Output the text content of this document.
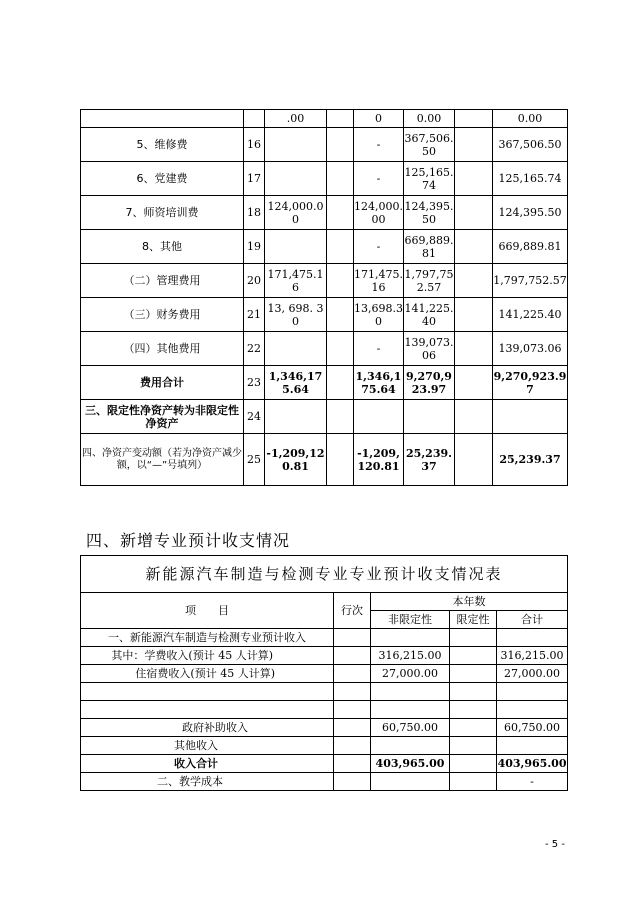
		.00		0	0.00		0.00
5、维修费	16			-	367,506.50		367,506.50
6、党建费	17			-	125,165.74		125,165.74
7、师资培训费	18	124,000.00		124,000.00	124,395.50		124,395.50
8、其他	19			-	669,889.81		669,889.81
（二）管理费用	20	171,475.16		171,475.16	1,797,752.57		1,797,752.57
（三）财务费用	21	13, 698. 30		13,698.30	141,225.40		141,225.40
（四）其他费用	22			-	139,073.06		139,073.06
费用合计	23	1,346,175.64		1,346,175.64	9,270,923.97		9,270,923.97
三、限定性净资产转为非限定性净资产	24						
四、净资产变动额（若为净资产减少额，以“—”号填列）	25	-1,209,120.81		-1,209,120.81	25,239.37		25,239.37
四、新增专业预计收支情况
新能源汽车制造与检测专业专业预计收支情况表				
项　　目	行次	本年数		
		非限定性	限定性	合计
一、新能源汽车制造与检测专业预计收入				
其中：学费收入(预计 45 人计算)		316,215.00		316,215.00
住宿费收入(预计 45 人计算)		27,000.00		27,000.00

政府补助收入		60,750.00		60,750.00
其他收入				
收入合计		403,965.00		403,965.00
二、教学成本				-
- 5 -
